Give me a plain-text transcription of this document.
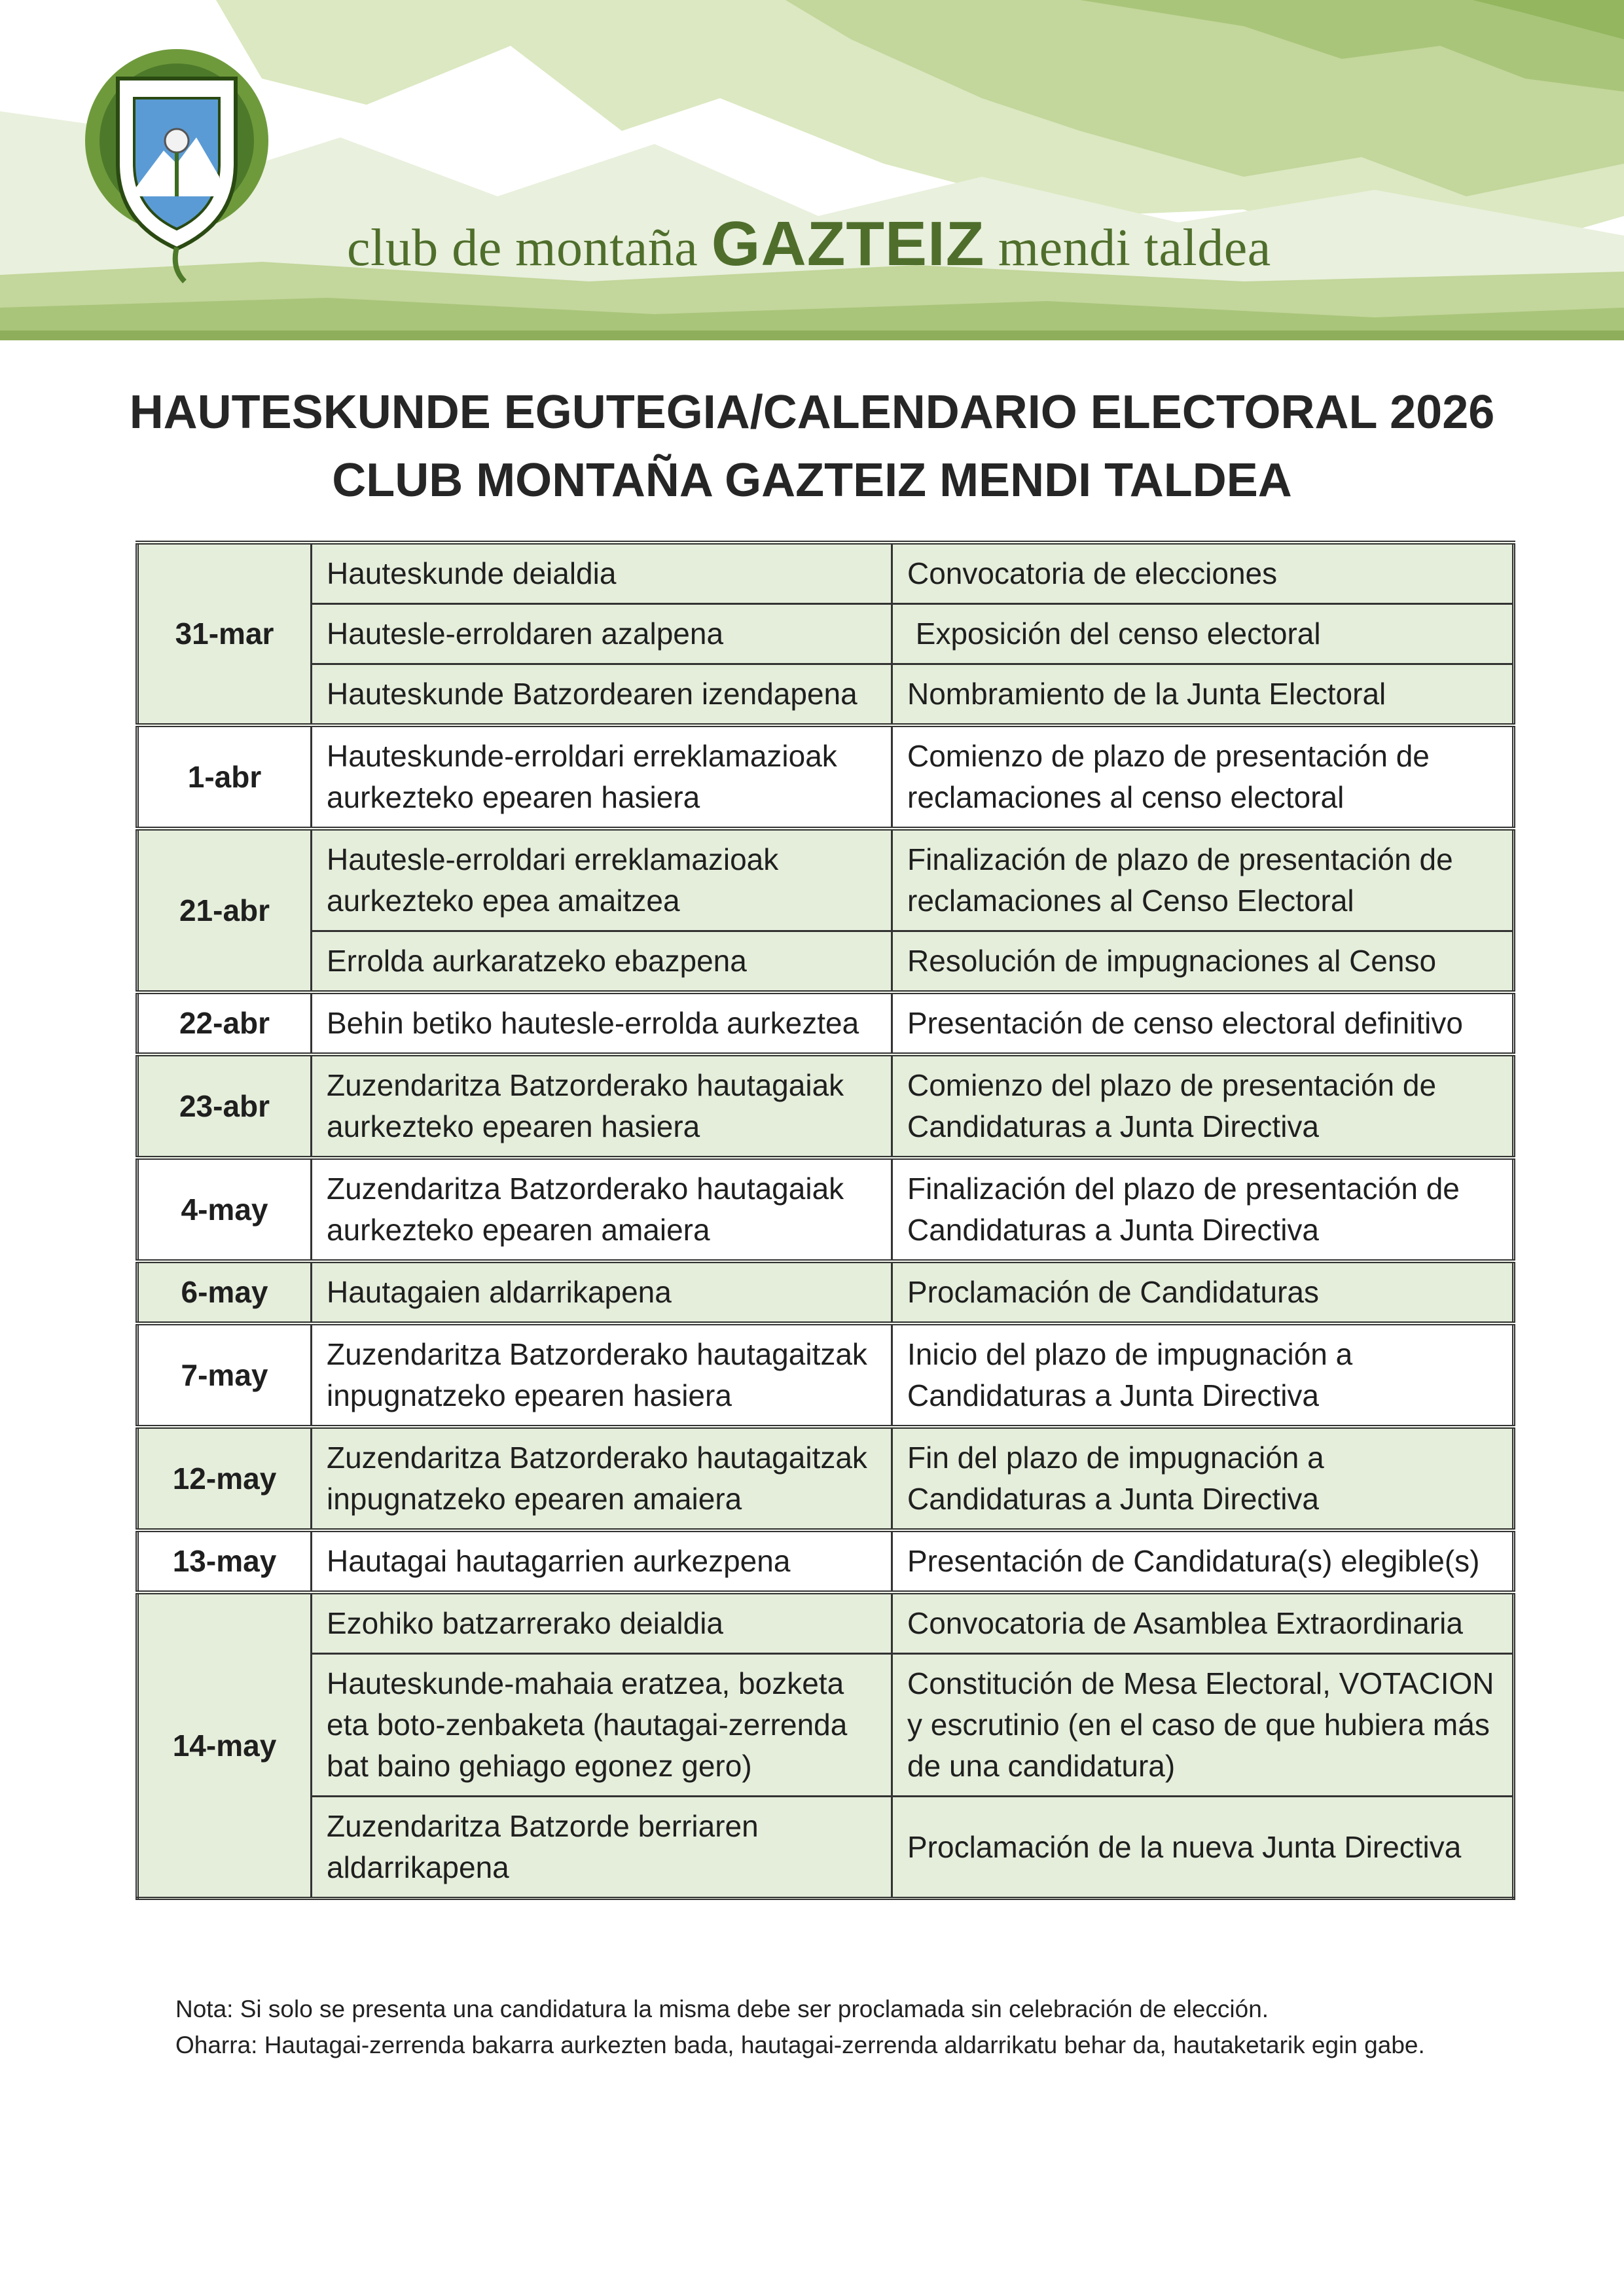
club de montaña GAZTEIZ mendi taldea
HAUTESKUNDE EGUTEGIA/CALENDARIO ELECTORAL 2026
CLUB MONTAÑA GAZTEIZ MENDI TALDEA
31-mar	Hauteskunde deialdia	Convocatoria de elecciones
	Hautesle-erroldaren azalpena	Exposición del censo electoral
	Hauteskunde Batzordearen izendapena	Nombramiento de la Junta Electoral
1-abr	Hauteskunde-erroldari erreklamazioak aurkezteko epearen hasiera	Comienzo de plazo de presentación de reclamaciones al censo electoral
21-abr	Hautesle-erroldari erreklamazioak aurkezteko epea amaitzea	Finalización de plazo de presentación de reclamaciones al Censo Electoral
	Errolda aurkaratzeko ebazpena	Resolución de impugnaciones al Censo
22-abr	Behin betiko hautesle-errolda aurkeztea	Presentación de censo electoral definitivo
23-abr	Zuzendaritza Batzorderako hautagaiak aurkezteko epearen hasiera	Comienzo del plazo de presentación de Candidaturas a Junta Directiva
4-may	Zuzendaritza Batzorderako hautagaiak aurkezteko epearen amaiera	Finalización del plazo de presentación de Candidaturas a Junta Directiva
6-may	Hautagaien aldarrikapena	Proclamación de Candidaturas
7-may	Zuzendaritza Batzorderako hautagaitzak inpugnatzeko epearen hasiera	Inicio del plazo de impugnación a Candidaturas a Junta Directiva
12-may	Zuzendaritza Batzorderako hautagaitzak inpugnatzeko epearen amaiera	Fin del plazo de impugnación a Candidaturas a Junta Directiva
13-may	Hautagai hautagarrien aurkezpena	Presentación de Candidatura(s) elegible(s)
14-may	Ezohiko batzarrerako deialdia	Convocatoria de Asamblea Extraordinaria
	Hauteskunde-mahaia eratzea, bozketa eta boto-zenbaketa (hautagai-zerrenda bat baino gehiago egonez gero)	Constitución de Mesa Electoral, VOTACION  y escrutinio (en el caso de que hubiera más de una candidatura)
	Zuzendaritza Batzorde berriaren aldarrikapena	Proclamación de la nueva Junta Directiva

Nota: Si solo se presenta una candidatura la misma debe ser proclamada sin celebración de elección.

Oharra: Hautagai-zerrenda bakarra aurkezten bada, hautagai-zerrenda aldarrikatu behar da, hautaketarik egin gabe.
